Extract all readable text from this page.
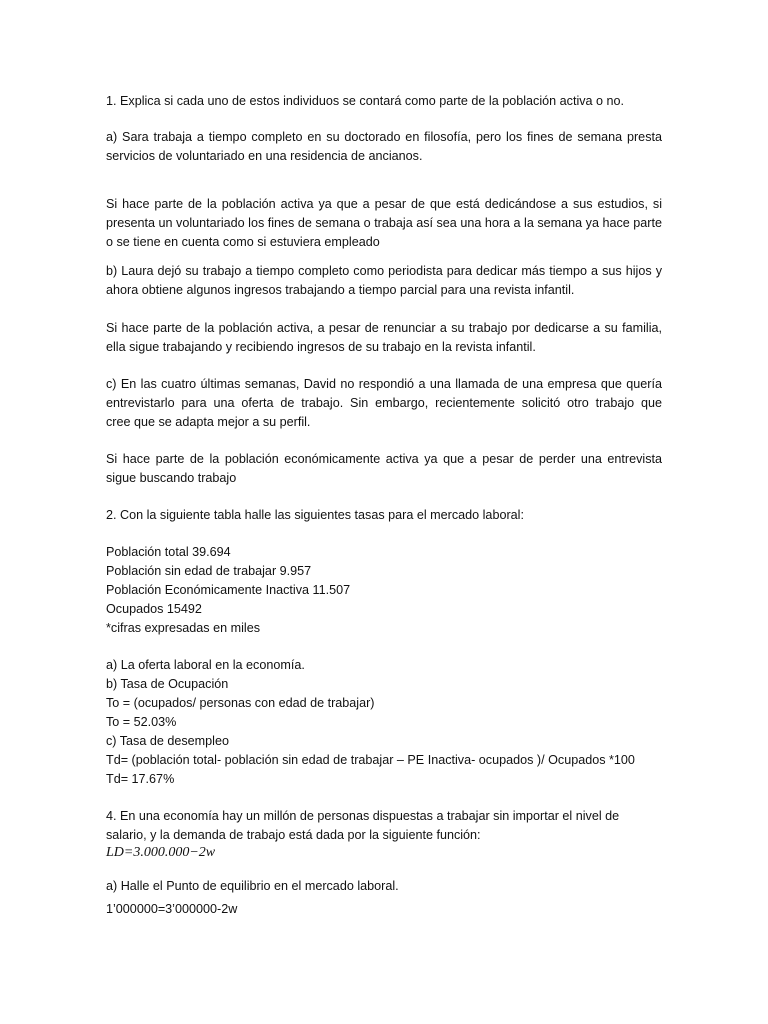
1. Explica si cada uno de estos individuos se contará como parte de la población activa o no.
a) Sara trabaja a tiempo completo en su doctorado en filosofía, pero los fines de semana presta
servicios de voluntariado en una residencia de ancianos.
Si hace parte de la población activa ya que a pesar de que está dedicándose a sus estudios, si
presenta un voluntariado los fines de semana o trabaja así sea una hora a la semana ya hace parte
o se tiene en cuenta como si estuviera empleado
b) Laura dejó su trabajo a tiempo completo como periodista para dedicar más tiempo a sus hijos y
ahora obtiene algunos ingresos trabajando a tiempo parcial para una revista infantil.
Si hace parte de la población activa, a pesar de renunciar a su trabajo por dedicarse a su familia,
ella sigue trabajando y recibiendo ingresos de su trabajo en la revista infantil.
c) En las cuatro últimas semanas, David no respondió a una llamada de una empresa que quería
entrevistarlo para una oferta de trabajo. Sin embargo, recientemente solicitó otro trabajo que
cree que se adapta mejor a su perfil.
Si hace parte de la población económicamente activa ya que a pesar de perder una entrevista
sigue buscando trabajo
2. Con la siguiente tabla halle las siguientes tasas para el mercado laboral:
Población total 39.694
Población sin edad de trabajar 9.957
Población Económicamente Inactiva 11.507
Ocupados 15492
*cifras expresadas en miles
a) La oferta laboral en la economía.
b) Tasa de Ocupación
To = (ocupados/ personas con edad de trabajar)
To = 52.03%
c) Tasa de desempleo
Td= (población total- población sin edad de trabajar – PE Inactiva- ocupados )/ Ocupados *100
Td= 17.67%
4. En una economía hay un millón de personas dispuestas a trabajar sin importar el nivel de
salario, y la demanda de trabajo está dada por la siguiente función:
LD=3.000.000−2w
a) Halle el Punto de equilibrio en el mercado laboral.
1’000000=3’000000-2w
